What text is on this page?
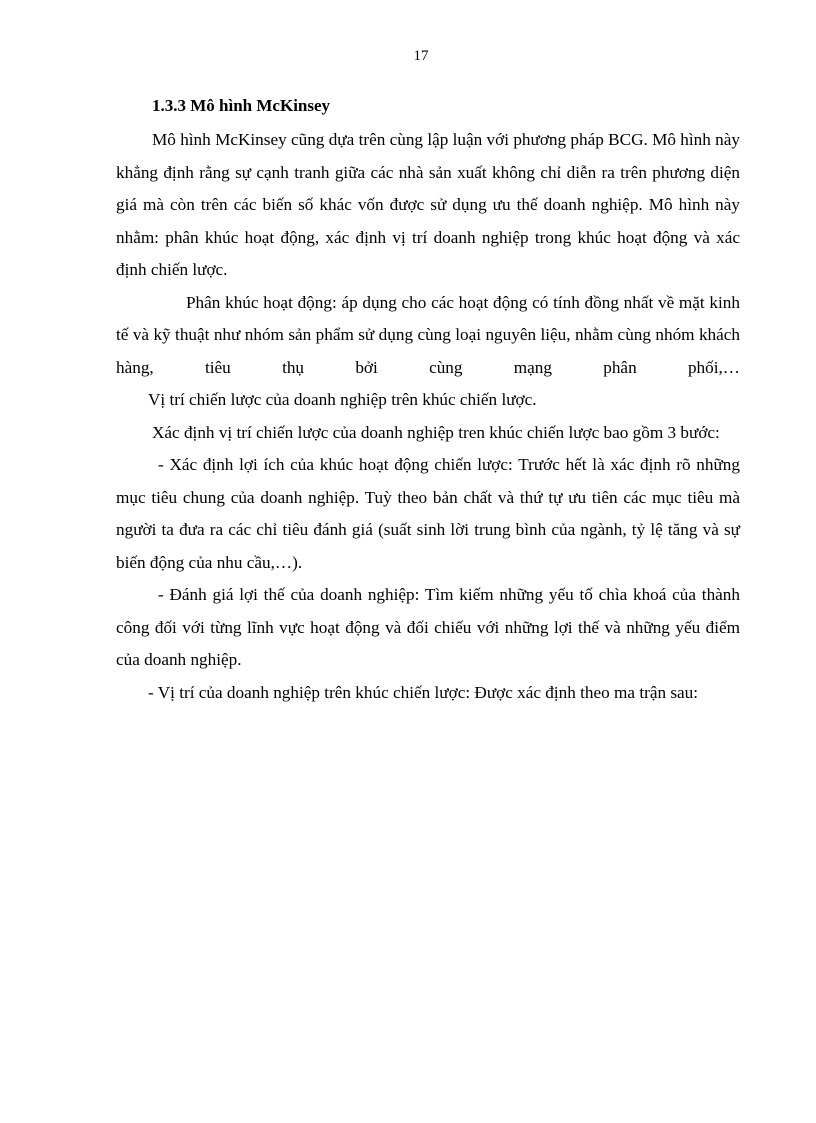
17
1.3.3 Mô hình McKinsey

Mô hình McKinsey cũng dựa trên cùng lập luận với phương pháp BCG. Mô hình này khẳng định rằng sự cạnh tranh giữa các nhà sản xuất không chỉ diễn ra trên phương diện giá mà còn trên các biến số khác vốn được sử dụng ưu thế doanh nghiệp. Mô hình này nhằm: phân khúc hoạt động, xác định vị trí doanh nghiệp trong khúc hoạt động và xác định chiến lược.

Phân khúc hoạt động: áp dụng cho các hoạt động có tính đồng nhất về mặt kinh tế và kỹ thuật như nhóm sản phẩm sử dụng cùng loại nguyên liệu, nhằm cùng nhóm khách hàng, tiêu thụ bởi cùng mạng phân phối,…

Vị trí chiến lược của doanh nghiệp trên khúc chiến lược.

Xác định vị trí chiến lược của doanh nghiệp tren khúc chiến lược bao gồm 3 bước:

- Xác định lợi ích của khúc hoạt động chiến lược: Trước hết là xác định rõ những mục tiêu chung của doanh nghiệp. Tuỳ theo bản chất và thứ tự ưu tiên các mục tiêu mà người ta đưa ra các chỉ tiêu đánh giá (suất sinh lời trung bình của ngành, tỷ lệ tăng và sự biến động của nhu cầu,…).

- Đánh giá lợi thế của doanh nghiệp: Tìm kiếm những yếu tố chìa khoá của thành công đối với từng lĩnh vực hoạt động và đối chiếu với những lợi thế và những yếu điểm của doanh nghiệp.

- Vị trí của doanh nghiệp trên khúc chiến lược: Được xác định theo ma trận sau:
